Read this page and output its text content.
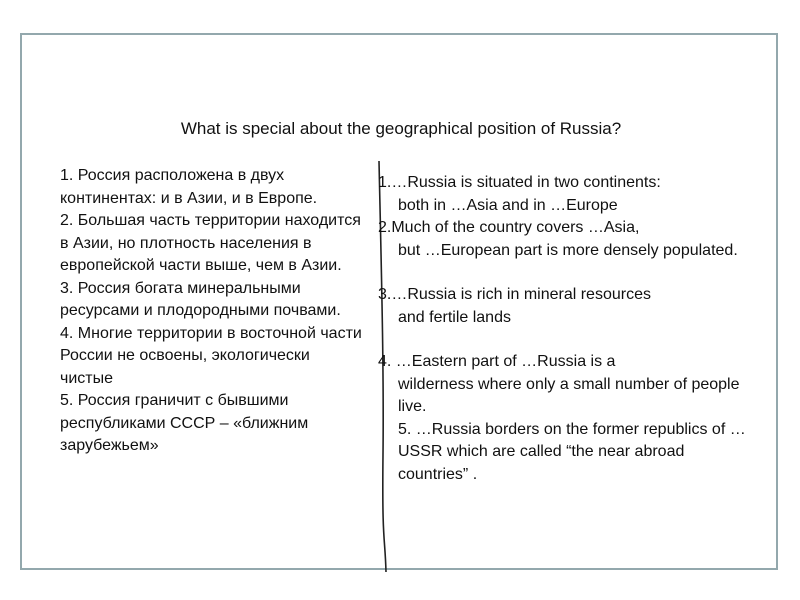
What is special about the geographical position of Russia?

1. Россия расположена в двух континентах: и в Азии, и в Европе.

2. Большая часть территории находится в Азии, но плотность населения в европейской части выше, чем в Азии.

3. Россия богата минеральными ресурсами и плодородными почвами.

4. Многие территории в восточной части России не освоены, экологически чистые

5. Россия граничит с бывшими республиками СССР – «ближним зарубежьем»

1.…Russia is situated in two continents:

both in …Asia and in …Europe

2.Much of the country covers …Asia,

but …European part is more densely populated.

3.…Russia is rich in mineral resources

and fertile lands

4. …Eastern part of …Russia is a

wilderness where only a small number of people live.

5. …Russia borders on the former republics of …USSR which are called “the near abroad countries” .
